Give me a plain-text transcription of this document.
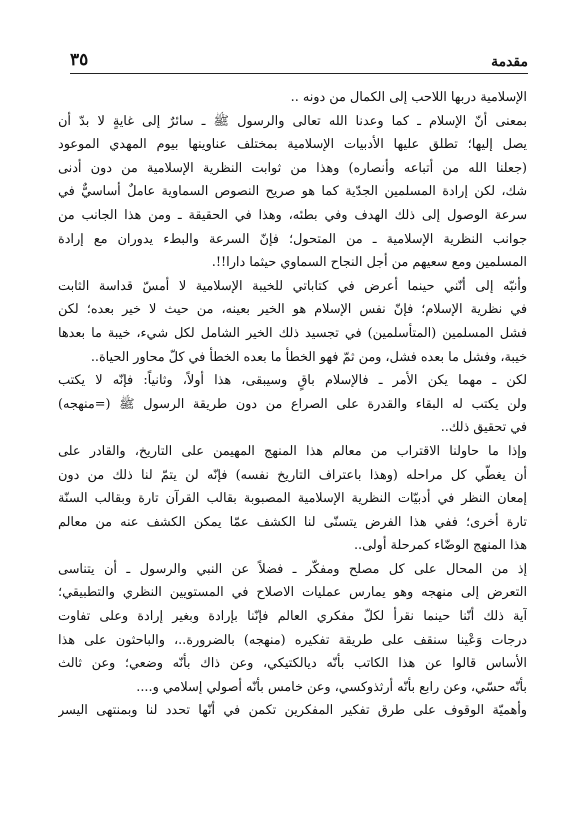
مقدمة
٣٥
الإسلامية دربها اللاحب إلى الكمال من دونه ..
بمعنى أنّ الإسلام ـ كما وعدنا الله تعالى والرسول ﷺ ـ سائرٌ إلى غايةٍ لا بدّ أن
يصل إليها؛ تطلق عليها الأدبيات الإسلامية بمختلف عناوينها بيوم المهدي الموعود
(جعلنا الله من أتباعه وأنصاره) وهذا من ثوابت النظرية الإسلامية من دون أدنى
شك، لكن إرادة المسلمين الجدّية كما هو صريح النصوص السماوية عاملٌ أساسيٌّ في
سرعة الوصول إلى ذلك الهدف وفي بطئه، وهذا في الحقيقة ـ ومن هذا الجانب من
جوانب النظرية الإسلامية ـ من المتحول؛ فإنّ السرعة والبطء يدوران مع إرادة
المسلمين ومع سعيهم من أجل النجاح السماوي حيثما دارا!!.
وأنبّه إلى أنّني حينما أعرض في كتاباتي للخيبة الإسلامية لا أمسّ قداسة الثابت
في نظرية الإسلام؛ فإنّ نفس الإسلام هو الخير بعينه، من حيث لا خير بعده؛ لكن
فشل المسلمين (المتأسلمين) في تجسيد ذلك الخير الشامل لكل شيء، خيبة ما بعدها
خيبة، وفشل ما بعده فشل، ومن ثمّ فهو الخطأ ما بعده الخطأ في كلّ محاور الحياة..
لكن ـ مهما يكن الأمر ـ فالإسلام باقٍ وسيبقى، هذا أولاً، وثانياً: فإنّه لا يكتب
ولن يكتب له البقاء والقدرة على الصراع من دون طريقة الرسول ﷺ (=منهجه)
في تحقيق ذلك..
وإذا ما حاولنا الاقتراب من معالم هذا المنهج المهيمن على التاريخ، والقادر على
أن يغطّي كل مراحله (وهذا باعتراف التاريخ نفسه) فإنّه لن يتمّ لنا ذلك من دون
إمعان النظر في أدبيّات النظرية الإسلامية المصبوبة بقالب القرآن تارة وبقالب السنّة
تارة أخرى؛ ففي هذا الفرض يتسنّى لنا الكشف عمّا يمكن الكشف عنه من معالم
هذا المنهج الوضّاء كمرحلة أولى..
إذ من المحال على كل مصلح ومفكّر ـ فضلاً عن النبي والرسول ـ أن يتناسى
التعرض إلى منهجه وهو يمارس عمليات الاصلاح في المستويين النظري والتطبيقي؛
آية ذلك أنّنا حينما نقرأ لكلّ مفكري العالم فإنّنا بإرادة وبغير إرادة وعلى تفاوت
درجات وَعْينا سنقف على طريقة تفكيره (منهجه) بالضرورة..، والباحثون على هذا
الأساس قالوا عن هذا الكاتب بأنّه ديالكتيكي، وعن ذاك بأنّه وضعي؛ وعن ثالث
بأنّه حسّي، وعن رابع بأنّه أرثذوكسي، وعن خامس بأنّه أصولي إسلامي و....
وأهميّة الوقوف على طرق تفكير المفكرين تكمن في أنّها تحدد لنا وبمنتهى اليسر
